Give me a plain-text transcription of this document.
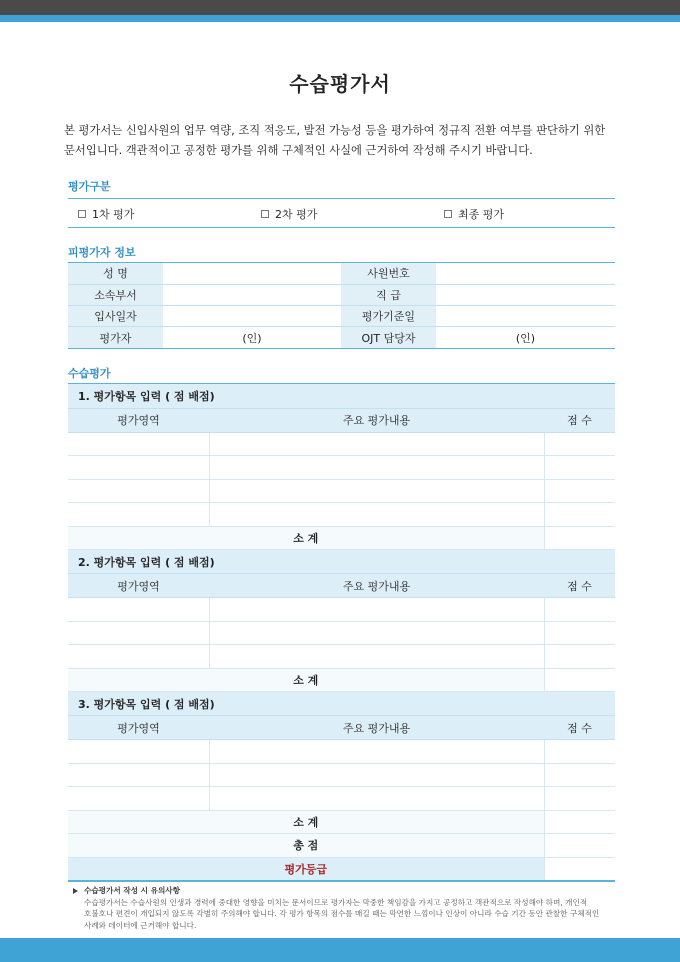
수습평가서
본 평가서는 신입사원의 업무 역량, 조직 적응도, 발전 가능성 등을 평가하여 정규직 전환 여부를 판단하기 위한 문서입니다. 객관적이고 공정한 평가를 위해 구체적인 사실에 근거하여 작성해 주시기 바랍니다.
평가구분
1차 평가	2차 평가	최종 평가
피평가자 정보
성 명		사원번호	
소속부서		직 급	
입사일자		평가기준일	
평가자	(인)	OJT 담당자	(인)
수습평가
1. 평가항목 입력 ( 점 배점)		
평가영역	주요 평가내용	점 수

소 계		
2. 평가항목 입력 ( 점 배점)		
평가영역	주요 평가내용	점 수

소 계		
3. 평가항목 입력 ( 점 배점)		
평가영역	주요 평가내용	점 수

소 계		
총 점		
평가등급		
수습평가서 작성 시 유의사항
수습평가서는 수습사원의 인생과 경력에 중대한 영향을 미치는 문서이므로 평가자는 막중한 책임감을 가지고 공정하고 객관적으로 작성해야 하며, 개인적 호불호나 편견이 개입되지 않도록 각별히 주의해야 합니다. 각 평가 항목의 점수를 매길 때는 막연한 느낌이나 인상이 아니라 수습 기간 동안 관찰한 구체적인 사례와 데이터에 근거해야 합니다.
